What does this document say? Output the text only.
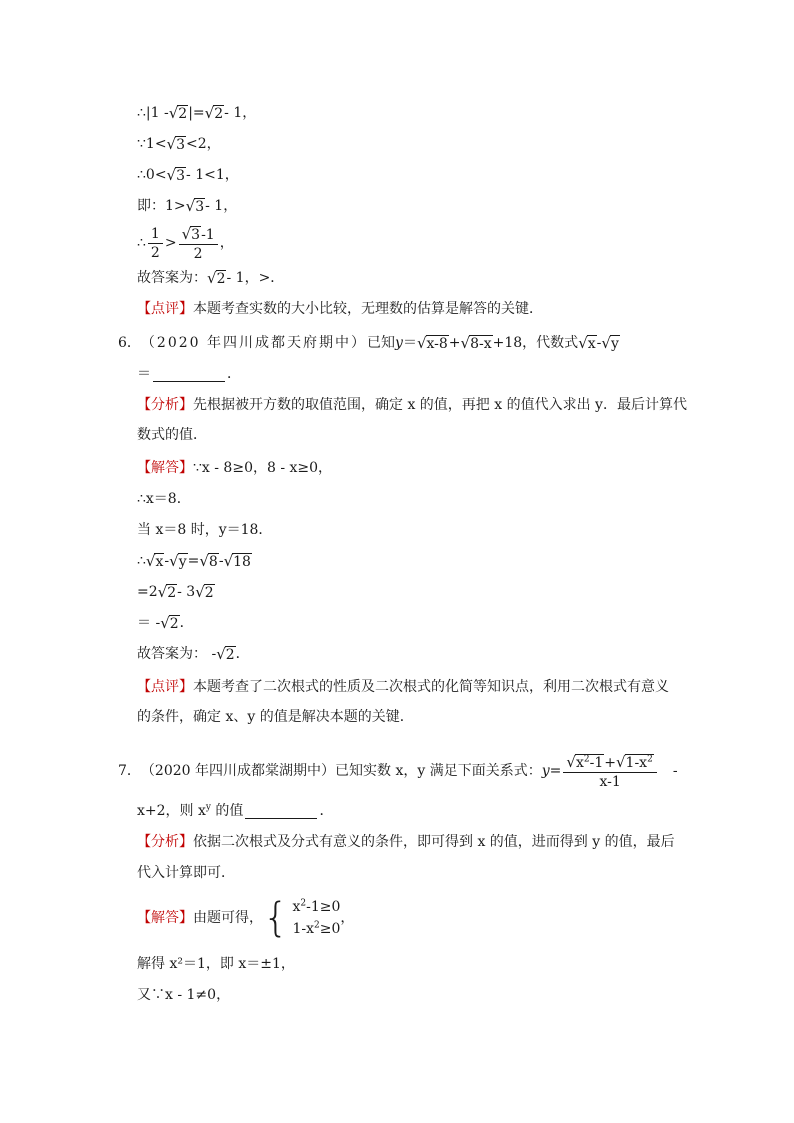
∴|1 - √ 2 |= √ 2 - 1，
∵1< √ 3 <2，
∴0< √ 3 - 1<1，
即：1> √ 3 - 1，
∴ $\frac{1}{2} > \frac{√ 3 -1}{2}$ ，
故答案为： √ 2 - 1，>．
【点评】 本题考查实数的大小比较，无理数的估算是解答的关键．
6． （2020 年四川成都天府期中） 已知 y ＝ √ x-8 + √ 8-x +18，代数式 √ x - √ y
＝	．
【分析】 先根据被开方数的取值范围，确定 x 的值，再把 x 的值代入求出 y．最后计算代
数式的值．
【解答】 ∵x - 8≥0，8 - x≥0，
∴x＝8．
当 x＝8 时，y＝18．
∴ √ x - √ y = √ 8 - √ 18
=2 √ 2 - 3 √ 2
＝ - √ 2 ．
故答案为： - √ 2 ．
【点评】 本题考查了二次根式的性质及二次根式的化简等知识点，利用二次根式有意义
的条件，确定 x、y 的值是解决本题的关键．
7． （2020 年四川成都棠湖期中） 已知实数 x，y 满足下面关系式： $y = \frac{√ x^2-1 + √ 1-x^2}{x-1}$ -
x+2，则 $x^y$ 的值	．
【分析】 依据二次根式及分式有意义的条件，即可得到 x 的值，进而得到 y 的值，最后
代入计算即可．
【解答】 由题可得， { $x^2-1\ge 0$
$1-x^2\ge 0$
，
解得 x²＝1，即 x＝±1，
又∵x - 1≠0，
